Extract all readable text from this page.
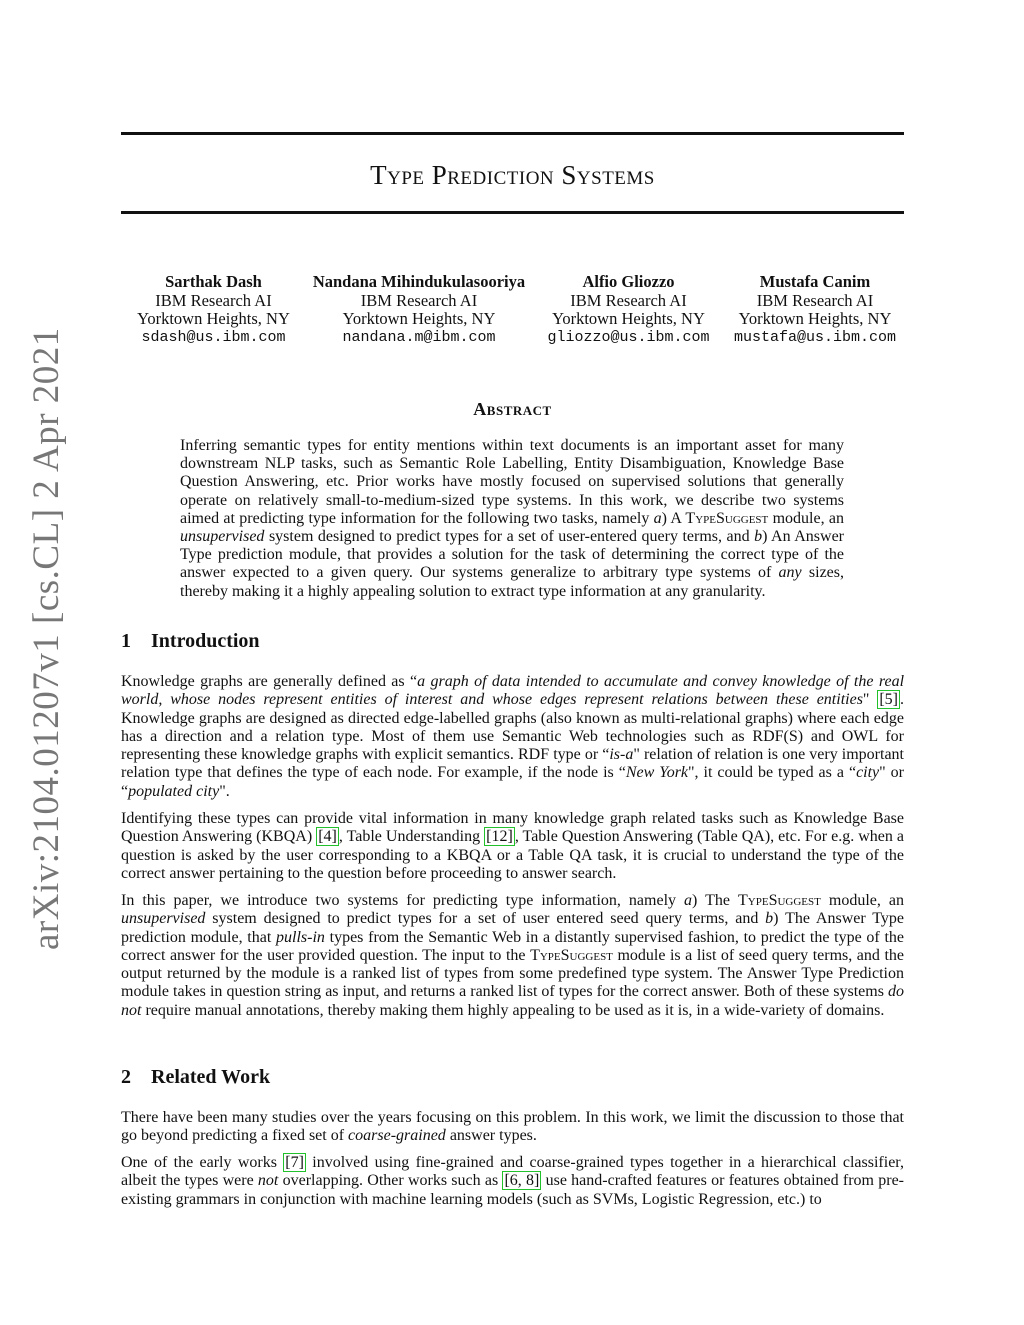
arXiv:2104.01207v1 [cs.CL] 2 Apr 2021
Type Prediction Systems
Sarthak Dash
IBM Research AI
Yorktown Heights, NY
sdash@us.ibm.com
Nandana Mihindukulasooriya
IBM Research AI
Yorktown Heights, NY
nandana.m@ibm.com
Alfio Gliozzo
IBM Research AI
Yorktown Heights, NY
gliozzo@us.ibm.com
Mustafa Canim
IBM Research AI
Yorktown Heights, NY
mustafa@us.ibm.com
Abstract

Inferring semantic types for entity mentions within text documents is an important asset for many downstream NLP tasks, such as Semantic Role Labelling, Entity Disambiguation, Knowledge Base Question Answering, etc. Prior works have mostly focused on supervised solutions that generally operate on relatively small-to-medium-sized type systems. In this work, we describe two systems aimed at predicting type information for the following two tasks, namely a) A TypeSuggest module, an unsupervised system designed to predict types for a set of user-entered query terms, and b) An Answer Type prediction module, that provides a solution for the task of determining the correct type of the answer expected to a given query. Our systems generalize to arbitrary type systems of any sizes, thereby making it a highly appealing solution to extract type information at any granularity.

1 Introduction

Knowledge graphs are generally defined as “a graph of data intended to accumulate and convey knowledge of the real world, whose nodes represent entities of interest and whose edges represent relations between these entities" [5] . Knowledge graphs are designed as directed edge-labelled graphs (also known as multi-relational graphs) where each edge has a direction and a relation type. Most of them use Semantic Web technologies such as RDF(S) and OWL for representing these knowledge graphs with explicit semantics. RDF type or “is-a" relation of relation is one very important relation type that defines the type of each node. For example, if the node is “New York", it could be typed as a “city" or “populated city".

Identifying these types can provide vital information in many knowledge graph related tasks such as Knowledge Base Question Answering (KBQA) [4] , Table Understanding [12] , Table Question Answering (Table QA), etc. For e.g. when a question is asked by the user corresponding to a KBQA or a Table QA task, it is crucial to understand the type of the correct answer pertaining to the question before proceeding to answer search.

In this paper, we introduce two systems for predicting type information, namely a) The TypeSuggest module, an unsupervised system designed to predict types for a set of user entered seed query terms, and b) The Answer Type prediction module, that pulls-in types from the Semantic Web in a distantly supervised fashion, to predict the type of the correct answer for the user provided question. The input to the TypeSuggest module is a list of seed query terms, and the output returned by the module is a ranked list of types from some predefined type system. The Answer Type Prediction module takes in question string as input, and returns a ranked list of types for the correct answer. Both of these systems do not require manual annotations, thereby making them highly appealing to be used as it is, in a wide-variety of domains.

2 Related Work

There have been many studies over the years focusing on this problem. In this work, we limit the discussion to those that go beyond predicting a fixed set of coarse-grained answer types.

One of the early works [7] involved using fine-grained and coarse-grained types together in a hierarchical classifier, albeit the types were not overlapping. Other works such as [6, 8] use hand-crafted features or features obtained from pre-existing grammars in conjunction with machine learning models (such as SVMs, Logistic Regression, etc.) to
